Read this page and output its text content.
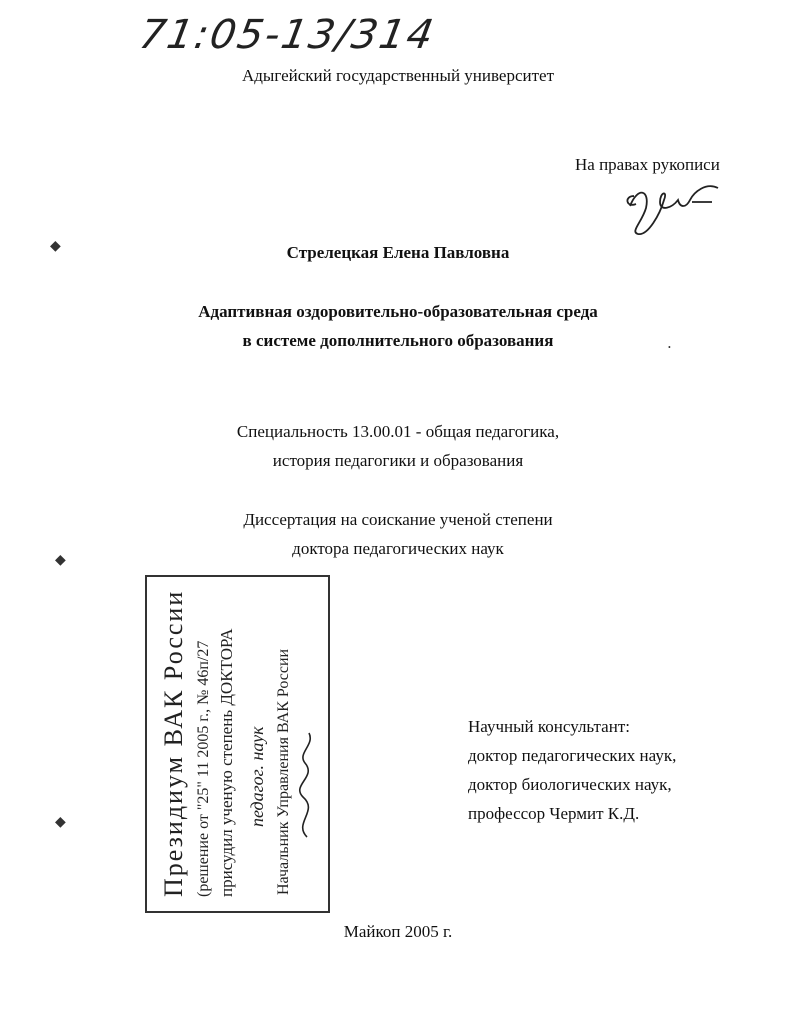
71:05-13/314
Адыгейский государственный университет
На правах рукописи
Стрелецкая Елена Павловна
Адаптивная оздоровительно-образовательная среда
в системе дополнительного образования
Специальность 13.00.01 - общая педагогика,
история педагогики и образования
Диссертация на соискание ученой степени
доктора педагогических наук
Президиум ВАК России (решение от "25" 11 2005 г., № 46п/27 присудил ученую степень ДОКТОРА педагог. наук Начальник Управления ВАК России	Научный консультант:
доктор педагогических наук,
доктор биологических наук,
профессор Чермит К.Д.
Майкоп 2005 г.
◆
◆
◆
•
